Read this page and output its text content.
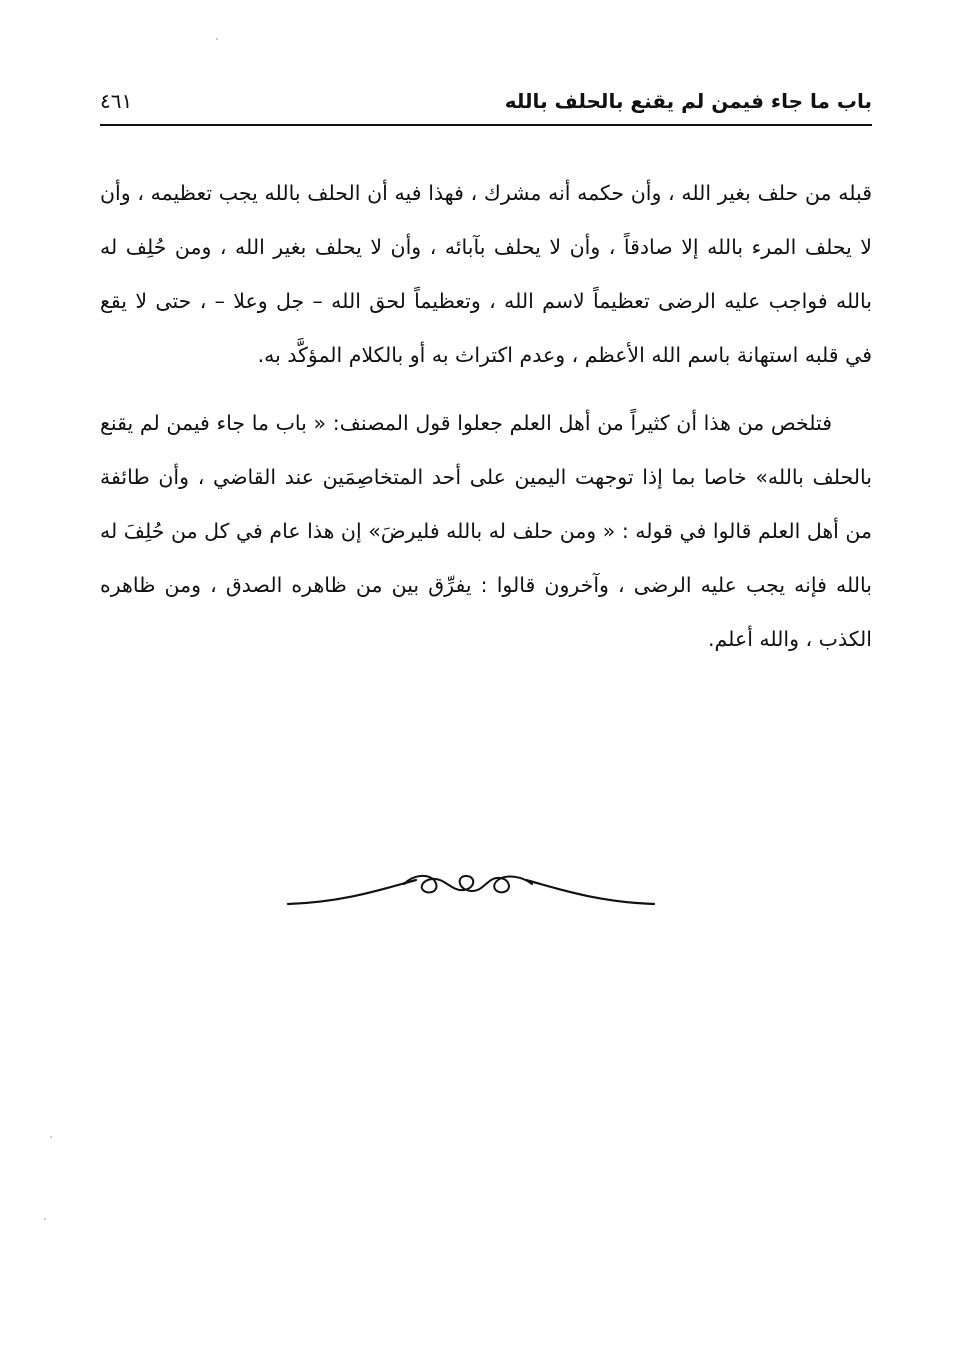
باب ما جاء فيمن لم يقنع بالحلف بالله
٤٦١

قبله من حلف بغير الله ، وأن حكمه أنه مشرك ، فهذا فيه أن الحلف بالله يجب تعظيمه ، وأن لا يحلف المرء بالله إلا صادقاً ، وأن لا يحلف بآبائه ، وأن لا يحلف بغير الله ، ومن حُلِف له بالله فواجب عليه الرضى تعظيماً لاسم الله ، وتعظيماً لحق الله – جل وعلا – ، حتى لا يقع في قلبه استهانة باسم الله الأعظم ، وعدم اكتراث به أو بالكلام المؤكَّد به.

فتلخص من هذا أن كثيراً من أهل العلم جعلوا قول المصنف: « باب ما جاء فيمن لم يقنع بالحلف بالله» خاصا بما إذا توجهت اليمين على أحد المتخاصِمَين عند القاضي ، وأن طائفة من أهل العلم قالوا في قوله : « ومن حلف له بالله فليرضَ» إن هذا عام في كل من حُلِفَ له بالله فإنه يجب عليه الرضى ، وآخرون قالوا : يفرِّق بين من ظاهره الصدق ، ومن ظاهره الكذب ، والله أعلم.
